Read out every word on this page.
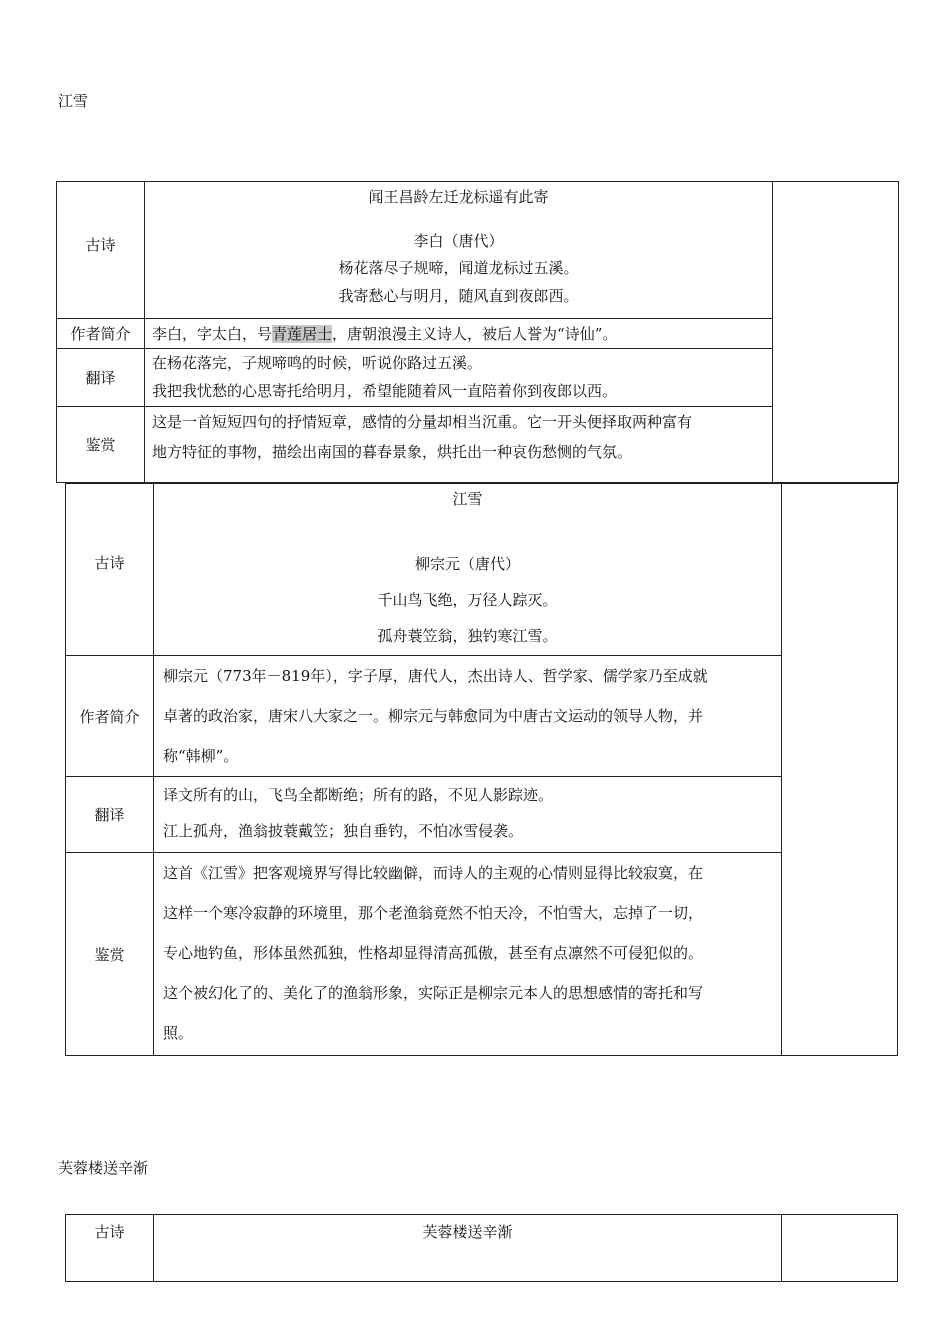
江雪
古诗	闻王昌龄左迁龙标遥有此寄
李白（唐代）
杨花落尽子规啼，闻道龙标过五溪。
我寄愁心与明月，随风直到夜郎西。	

作者简介	李白，字太白，号青莲居士，唐朝浪漫主义诗人，被后人誉为“诗仙”。	
翻译	在杨花落完，子规啼鸣的时候，听说你路过五溪。
我把我忧愁的心思寄托给明月，希望能随着风一直陪着你到夜郎以西。	

鉴赏	这是一首短短四句的抒情短章，感情的分量却相当沉重。它一开头便择取两种富有
地方特征的事物，描绘出南国的暮春景象，烘托出一种哀伤愁恻的气氛。	
古诗	江雪
柳宗元（唐代）
千山鸟飞绝，万径人踪灭。
孤舟蓑笠翁，独钓寒江雪。	

作者简介	柳宗元（773年－819年），字子厚，唐代人，杰出诗人、哲学家、儒学家乃至成就
卓著的政治家，唐宋八大家之一。柳宗元与韩愈同为中唐古文运动的领导人物，并
称“韩柳”。	

翻译	译文所有的山，飞鸟全都断绝；所有的路，不见人影踪迹。
江上孤舟，渔翁披蓑戴笠；独自垂钓，不怕冰雪侵袭。	

鉴赏	这首《江雪》把客观境界写得比较幽僻，而诗人的主观的心情则显得比较寂寞，在
这样一个寒冷寂静的环境里，那个老渔翁竟然不怕天冷，不怕雪大，忘掉了一切，
专心地钓鱼，形体虽然孤独，性格却显得清高孤傲，甚至有点凛然不可侵犯似的。
这个被幻化了的、美化了的渔翁形象，实际正是柳宗元本人的思想感情的寄托和写
照。	
芙蓉楼送辛渐
古诗	芙蓉楼送辛渐
